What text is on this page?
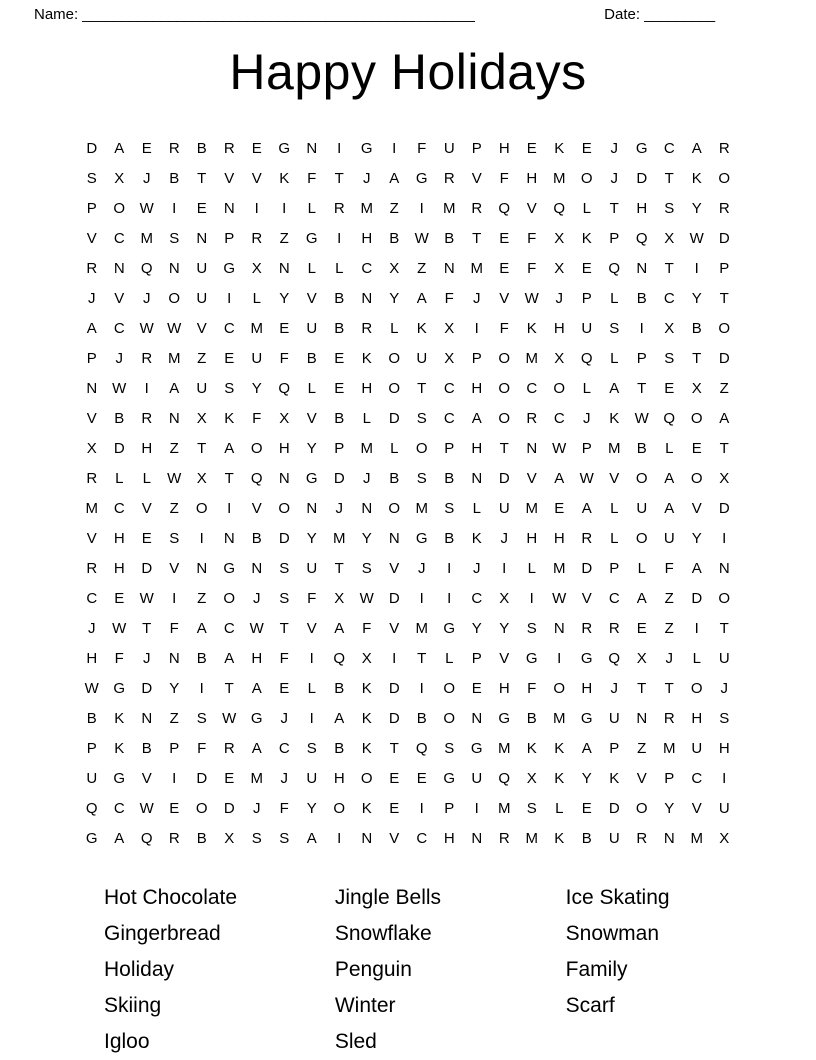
Name: __________________________________________________	Date: _________
Happy Holidays
D	A	E	R	B	R	E	G	N	I	G	I	F	U	P	H	E	K	E	J	G	C	A	R
S	X	J	B	T	V	V	K	F	T	J	A	G	R	V	F	H	M	O	J	D	T	K	O
P	O W	I	E	N	I	I	L	R	M	Z	I	M	R	Q	V	Q	L	T	H	S	Y	R
V	C	M	S	N	P	R	Z	G	I	H	B	W	B	T	E	F	X	K	P	Q	X	W	D
R	N	Q	N	U	G	X	N	L	L	C	X	Z	N	M	E	F	X	E	Q	N	T	I	P
J	V	J	O	U	I	L	Y	V	B	N	Y	A	F	J	V	W	J	P	L	B	C	Y	T
A	C W W	V	C	M	E	U	B	R	L	K	X	I	F	K	H	U	S	I	X	B	O
P	J	R	M	Z	E	U	F	B	E	K	O	U	X	P	O	M	X	Q	L	P	S	T	D
N W	I	A	U	S	Y	Q	L	E	H	O	T	C	H	O	C	O	L	A	T	E	X	Z
V	B	R	N	X	K	F	X	V	B	L	D	S	C	A	O	R	C	J	K	W Q	O	A
X	D	H	Z	T	A	O	H	Y	P	M	L	O	P	H	T	N W	P	M	B	L	E	T
R	L	L	W	X	T	Q	N	G	D	J	B	S	B	N	D	V	A	W	V	O	A	O	X
M	C	V	Z	O	I	V	O	N	J	N	O	M	S	L	U	M	E	A	L	U	A	V	D
V	H	E	S	I	N	B	D	Y	M	Y	N	G	B	K	J	H	H	R	L	O	U	Y	I
R	H	D	V	N	G	N	S	U	T	S	V	J	I	J	I	L	M	D	P	L	F	A	N
C	E	W	I	Z	O	J	S	F	X	W	D	I	I	C	X	I	W	V	C	A	Z	D	O
J	W	T	F	A	C W	T	V	A	F	V	M	G	Y	Y	S	N	R	R	E	Z	I	T
H	F	J	N	B	A	H	F	I	Q	X	I	T	L	P	V	G	I	G	Q	X	J	L	U
W G	D	Y	I	T	A	E	L	B	K	D	I	O	E	H	F	O	H	J	T	T	O	J
B	K	N	Z	S	W G	J	I	A	K	D	B	O	N	G	B	M	G	U	N	R	H	S
P	K	B	P	F	R	A	C	S	B	K	T	Q	S	G	M	K	K	A	P	Z	M	U	H
U	G	V	I	D	E	M	J	U	H	O	E	E	G	U	Q	X	K	Y	K	V	P	C	I
Q	C W	E	O	D	J	F	Y	O	K	E	I	P	I	M	S	L	E	D	O	Y	V	U
G	A	Q	R	B	X	S	S	A	I	N	V	C	H	N	R	M	K	B	U	R	N	M	X
Hot Chocolate
Gingerbread
Holiday
Skiing
Igloo
Jingle Bells
Snowflake
Penguin
Winter
Sled
Ice Skating
Snowman
Family
Scarf
